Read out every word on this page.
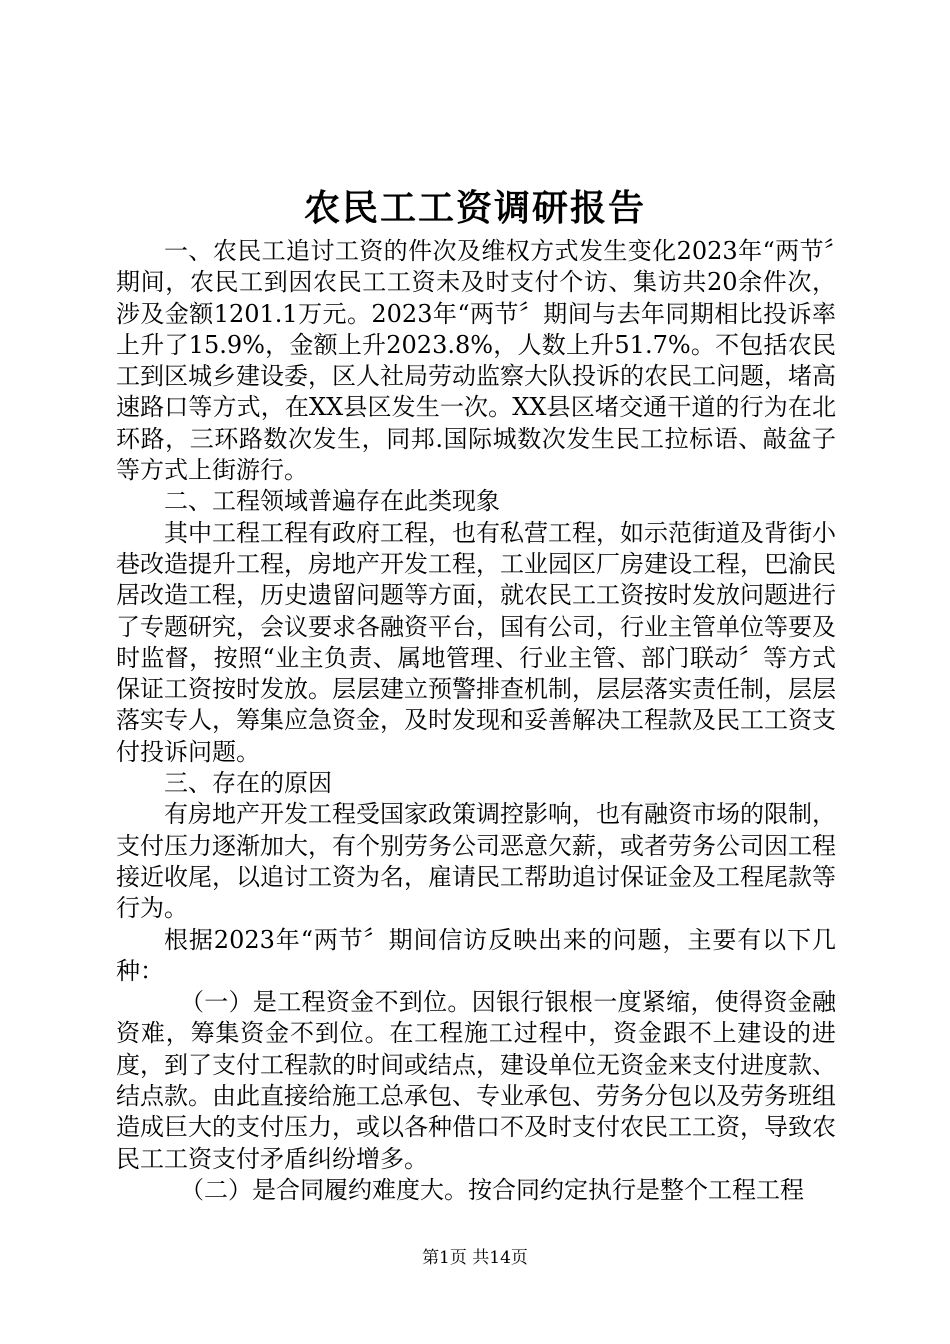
农民工工资调研报告

一、农民工追讨工资的件次及维权方式发生变化2023年“两节〞期间，农民工到因农民工工资未及时支付个访、集访共20余件次，涉及金额1201.1万元。2023年“两节〞期间与去年同期相比投诉率上升了15.9%，金额上升2023.8%，人数上升51.7%。不包括农民工到区城乡建设委，区人社局劳动监察大队投诉的农民工问题，堵高速路口等方式，在XX县区发生一次。XX县区堵交通干道的行为在北环路，三环路数次发生，同邦.国际城数次发生民工拉标语、敲盆子等方式上街游行。

二、工程领域普遍存在此类现象

其中工程工程有政府工程，也有私营工程，如示范街道及背街小巷改造提升工程，房地产开发工程，工业园区厂房建设工程，巴渝民居改造工程，历史遗留问题等方面，就农民工工资按时发放问题进行了专题研究，会议要求各融资平台，国有公司，行业主管单位等要及时监督，按照“业主负责、属地管理、行业主管、部门联动〞等方式保证工资按时发放。层层建立预警排查机制，层层落实责任制，层层落实专人，筹集应急资金，及时发现和妥善解决工程款及民工工资支付投诉问题。

三、存在的原因

有房地产开发工程受国家政策调控影响，也有融资市场的限制，支付压力逐渐加大，有个别劳务公司恶意欠薪，或者劳务公司因工程接近收尾，以追讨工资为名，雇请民工帮助追讨保证金及工程尾款等行为。

根据2023年“两节〞期间信访反映出来的问题，主要有以下几种：

（一）是工程资金不到位。因银行银根一度紧缩，使得资金融资难，筹集资金不到位。在工程施工过程中，资金跟不上建设的进度，到了支付工程款的时间或结点，建设单位无资金来支付进度款、结点款。由此直接给施工总承包、专业承包、劳务分包以及劳务班组造成巨大的支付压力，或以各种借口不及时支付农民工工资，导致农民工工资支付矛盾纠纷增多。

（二）是合同履约难度大。按合同约定执行是整个工程工程

第1页 共14页
